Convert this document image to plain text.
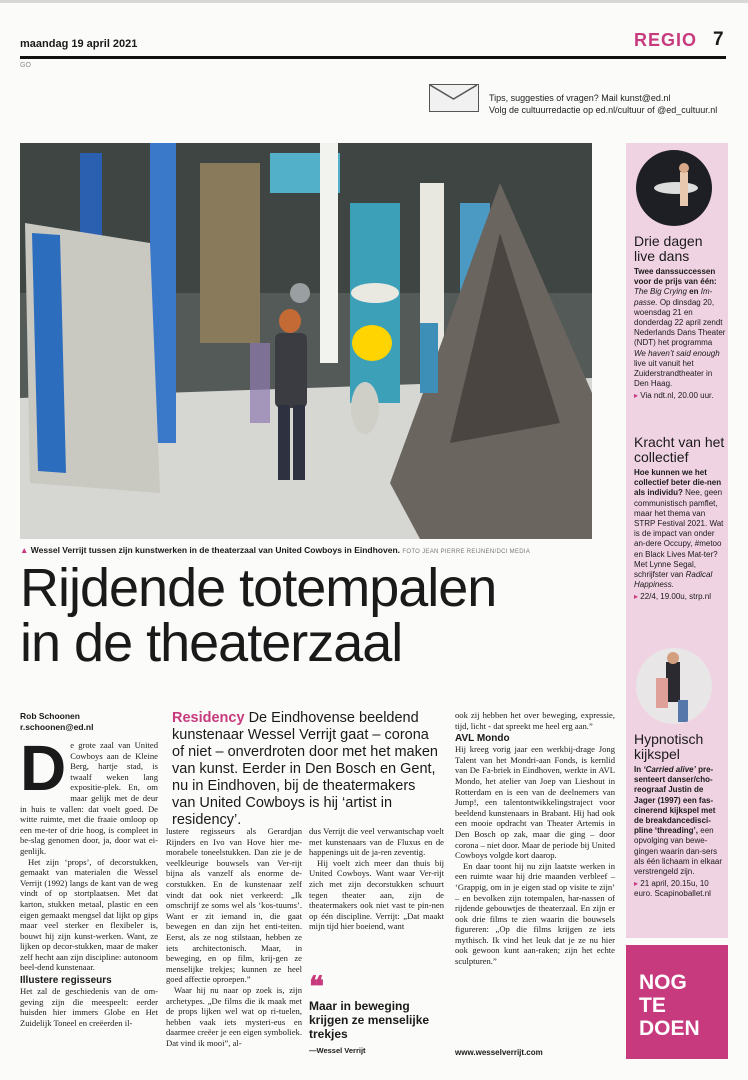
maandag 19 april 2021	REGIO 7
GO
Tips, suggesties of vragen? Mail kunst@ed.nl
Volg de cultuurredactie op ed.nl/cultuur of @ed_cultuur.nl
▲ Wessel Verrijt tussen zijn kunstwerken in de theaterzaal van United Cowboys in Eindhoven. FOTO JEAN PIERRE REIJNEN/DCI MEDIA
Rijdende totempalen
in de theaterzaal
Rob Schoonen
r.schoonen@ed.nl
Residency De Eindhovense beeldend kunstenaar Wessel Verrijt gaat – corona of niet – onverdroten door met het maken van kunst. Eerder in Den Bosch en Gent, nu in Eindhoven, bij de theatermakers van United Cowboys is hij ‘artist in residency’.
D e grote zaal van United Cowboys aan de Kleine Berg, hartje stad, is twaalf weken lang expositie-plek. En, om maar gelijk met de deur in huis te vallen: dat voelt goed. De witte ruimte, met die fraaie omloop op een me-ter of drie hoog, is compleet in be-slag genomen door, ja, door wat ei-genlijk.

Het zijn ‘props’, of decorstukken, gemaakt van materialen die Wessel Verrijt (1992) langs de kant van de weg vindt of op stortplaatsen. Met dat karton, stukken metaal, plastic en een eigen gemaakt mengsel dat lijkt op gips maar veel sterker en flexibeler is, bouwt hij zijn kunst-werken. Want, ze lijken op decor-stukken, maar de maker zelf hecht aan zijn discipline: autonoom beel-dend kunstenaar.

Illustere regisseurs

Het zal de geschiedenis van de om-geving zijn die meespeelt: eerder huisden hier immers Globe en Het Zuidelijk Toneel en creëerden il-

lustere regisseurs als Gerardjan Rijnders en Ivo van Hove hier me-morabele toneelstukken. Dan zie je de veelkleurige bouwsels van Ver-rijt bijna als vanzelf als enorme de-corstukken. En de kunstenaar zelf vindt dat ook niet verkeerd: „Ik omschrijf ze soms wel als ‘kos-tuums’. Want er zit iemand in, die gaat bewegen en dan zijn het enti-teiten. Eerst, als ze nog stilstaan, hebben ze iets architectonisch. Maar, in beweging, en op film, krij-gen ze menselijke trekjes; kunnen ze heel goed affectie oproepen.”

Waar hij nu naar op zoek is, zijn archetypes. „De films die ik maak met de props lijken wel wat op ri-tuelen, hebben vaak iets mysteri-eus en daarmee creëer je een eigen symboliek. Dat vind ik mooi”, al-

dus Verrijt die veel verwantschap voelt met kunstenaars van de Fluxus en de happenings uit de ja-ren zeventig.

Hij voelt zich meer dan thuis bij United Cowboys. Want waar Ver-rijt zich met zijn decorstukken schuurt tegen theater aan, zijn de theatermakers ook niet vast te pin-nen op één discipline. Verrijt: „Dat maakt mijn tijd hier boeiend, want

❝
Maar in beweging krijgen ze menselijke trekjes
—Wessel Verrijt

ook zij hebben het over beweging, expressie, tijd, licht - dat spreekt me heel erg aan.”

AVL Mondo

Hij kreeg vorig jaar een werkbij-drage Jong Talent van het Mondri-aan Fonds, is kernlid van De Fa-briek in Eindhoven, werkte in AVL Mondo, het atelier van Joep van Lieshout in Rotterdam en is een van de deelnemers van Jump!, een talentontwikkelingstraject voor beeldend kunstenaars in Brabant. Hij had ook een mooie opdracht van Theater Artemis in Den Bosch op zak, maar die ging – door corona – niet door. Maar de periode bij United Cowboys volgde kort daarop.

En daar toont hij nu zijn laatste werken in een ruimte waar hij drie maanden verbleef – ‘Grappig, om in je eigen stad op visite te zijn’ – en bevolken zijn totempalen, har-nassen of rijdende gebouwtjes de theaterzaal. En zijn er ook drie films te zien waarin die bouwsels figureren: „Op die films krijgen ze iets mythisch. Ik vind het leuk dat je ze nu hier ook gewoon kunt aan-raken; zijn het echte sculpturen.”

www.wesselverrijt.com
Drie dagen live dans
Twee danssuccessen voor de prijs van één: The Big Crying en Im-passe. Op dinsdag 20, woensdag 21 en donderdag 22 april zendt Nederlands Dans Theater (NDT) het programma We haven’t said enough live uit vanuit het Zuiderstrandtheater in Den Haag.
▸ Via ndt.nl, 20.00 uur.
Kracht van het collectief
Hoe kunnen we het collectief beter die-nen als individu? Nee, geen communistisch pamflet, maar het thema van STRP Festival 2021. Wat is de impact van onder an-dere Occupy, #metoo en Black Lives Mat-ter? Met Lynne Segal, schrijfster van Radical Happiness.
▸ 22/4, 19.00u, strp.nl
Hypnotisch kijkspel
In ‘Carried alive’ pre-senteert danser/cho-reograaf Justin de Jager (1997) een fas-cinerend kijkspel met de breakdancedisci-pline ‘threading’, een opvolging van bewe-gingen waarin dan-sers als één lichaam in elkaar verstrengeld zijn.
▸ 21 april, 20.15u, 10 euro. Scapinoballet.nl
NOG
TE
DOEN
